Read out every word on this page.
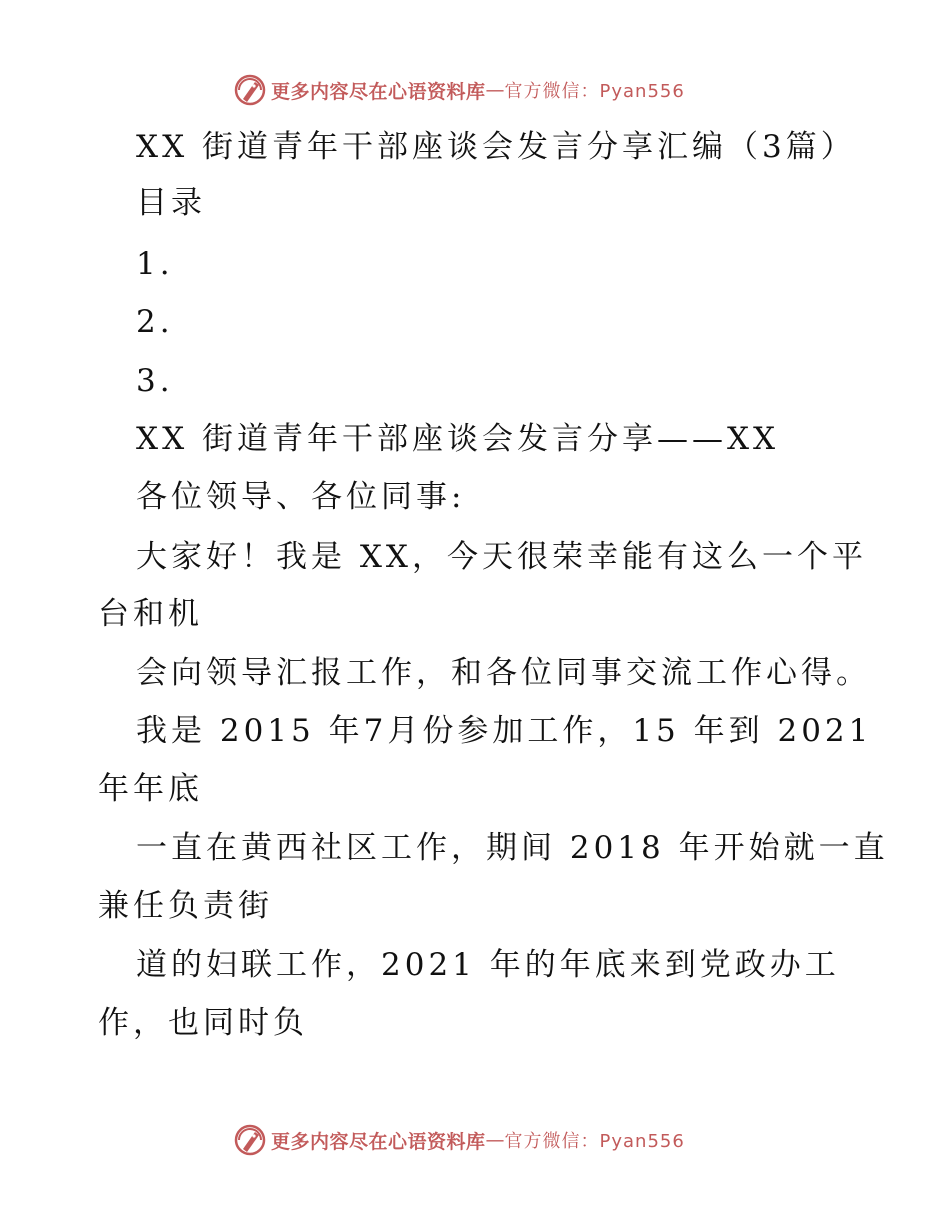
更多内容尽在心语资料库 — 官方微信：Pyan556
XX 街道青年干部座谈会发言分享汇编（3篇）
目录
1.
2.
3.
XX 街道青年干部座谈会发言分享——XX
各位领导、各位同事:
大家好！我是 XX，今天很荣幸能有这么一个平
台和机
会向领导汇报工作，和各位同事交流工作心得。
我是 2015 年7月份参加工作，15 年到 2021
年年底
一直在黄西社区工作，期间 2018 年开始就一直
兼任负责街
道的妇联工作，2021 年的年底来到党政办工
作，也同时负
更多内容尽在心语资料库 — 官方微信：Pyan556
